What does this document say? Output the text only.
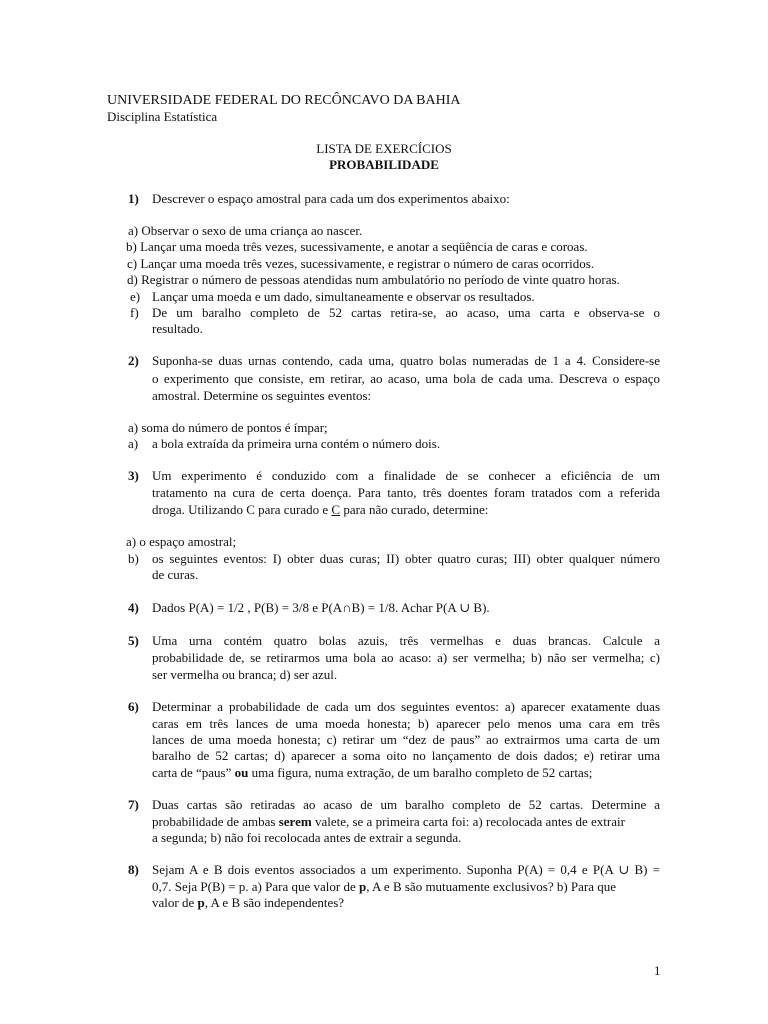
UNIVERSIDADE FEDERAL DO RECÔNCAVO DA BAHIA
Disciplina Estatística
LISTA DE EXERCÍCIOS
PROBABILIDADE
1) Descrever o espaço amostral para cada um dos experimentos abaixo:
a) Observar o sexo de uma criança ao nascer.
b) Lançar uma moeda três vezes, sucessivamente, e anotar a seqüência de caras e coroas.
c) Lançar uma moeda três vezes, sucessivamente, e registrar o número de caras ocorridos.
d) Registrar o número de pessoas atendidas num ambulatório no período de vinte quatro horas.
e) Lançar uma moeda e um dado, simultaneamente e observar os resultados.
f) De um baralho completo de 52 cartas retira-se, ao acaso, uma carta e observa-se o
resultado.
2) Suponha-se duas urnas contendo, cada uma, quatro bolas numeradas de 1 a 4. Considere-se
o experimento que consiste, em retirar, ao acaso, uma bola de cada uma. Descreva o espaço
amostral. Determine os seguintes eventos:
a) soma do número de pontos é ímpar;
a) a bola extraída da primeira urna contém o número dois.
3) Um experimento é conduzido com a finalidade de se conhecer a eficiência de um
tratamento na cura de certa doença. Para tanto, três doentes foram tratados com a referida
droga. Utilizando C para curado e C para não curado, determine:
a) o espaço amostral;
b) os seguintes eventos: I) obter duas curas; II) obter quatro curas; III) obter qualquer número
de curas.
4) Dados P(A) = 1/2 , P(B) = 3/8 e P(A∩B) = 1/8. Achar P(A ∪ B).
5) Uma urna contém quatro bolas azuis, três vermelhas e duas brancas. Calcule a
probabilidade de, se retirarmos uma bola ao acaso: a) ser vermelha; b) não ser vermelha; c)
ser vermelha ou branca; d) ser azul.
6) Determinar a probabilidade de cada um dos seguintes eventos: a) aparecer exatamente duas
caras em três lances de uma moeda honesta; b) aparecer pelo menos uma cara em três
lances de uma moeda honesta; c) retirar um “dez de paus” ao extrairmos uma carta de um
baralho de 52 cartas; d) aparecer a soma oito no lançamento de dois dados; e) retirar uma
carta de “paus” ou uma figura, numa extração, de um baralho completo de 52 cartas;
7) Duas cartas são retiradas ao acaso de um baralho completo de 52 cartas. Determine a
probabilidade de ambas serem valete, se a primeira carta foi: a) recolocada antes de extrair
a segunda; b) não foi recolocada antes de extrair a segunda.
8) Sejam A e B dois eventos associados a um experimento. Suponha P(A) = 0,4 e P(A ∪ B) =
0,7. Seja P(B) = p. a) Para que valor de p, A e B são mutuamente exclusivos? b) Para que
valor de p, A e B são independentes?
1
